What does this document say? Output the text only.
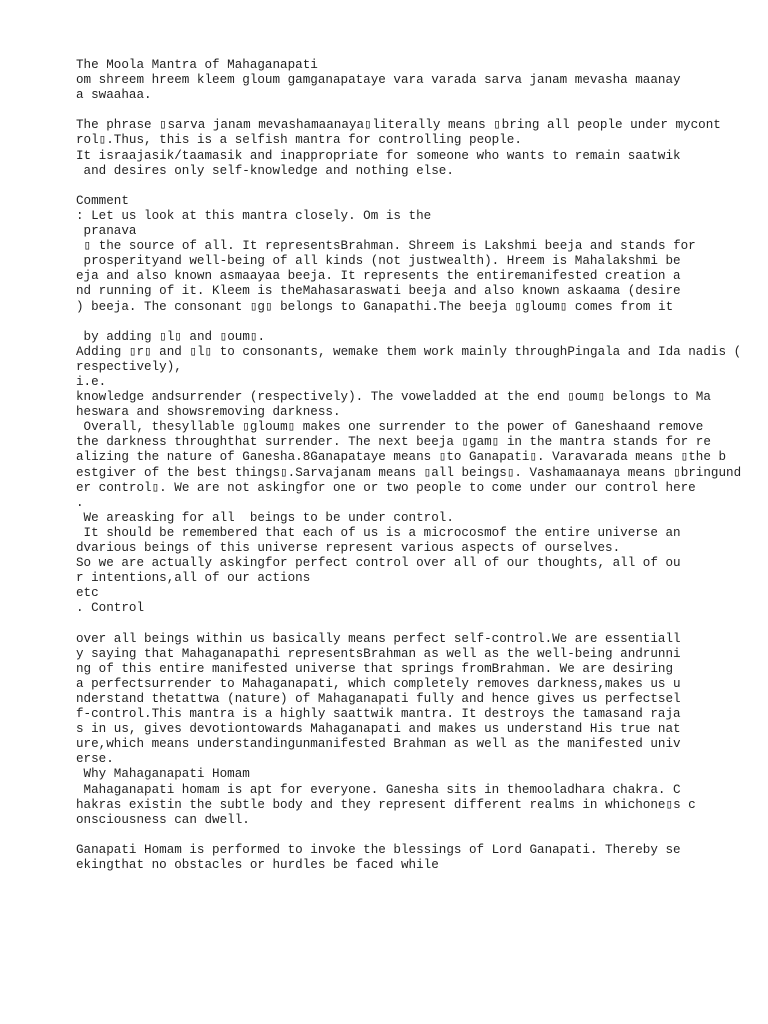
The Moola Mantra of Mahaganapati
om shreem hreem kleem gloum gamganapataye vara varada sarva janam mevasha maanay
a swaahaa.
The phrase ▯ sarva janam mevashamaanaya▯ literally means ▯ bring all people under mycont
rol▯.Thus, this is a selfish mantra for controlling people.
It israajasik/taamasik and inappropriate for someone who wants to remain saatwik
and desires only self-knowledge and nothing else.
Comment
: Let us look at this mantra closely. Om is the
pranava
▯ the source of all. It representsBrahman. Shreem is Lakshmi beeja and stands for
prosperityand well-being of all kinds (not justwealth). Hreem is Mahalakshmi be
eja and also known asmaayaa beeja. It represents the entiremanifested creation a
nd running of it. Kleem is theMahasaraswati beeja and also known askaama (desire
) beeja. The consonant ▯g▯ belongs to Ganapathi.The beeja ▯gloum▯ comes from it
by adding ▯l▯ and ▯oum▯.
Adding ▯r▯ and ▯l▯ to consonants, wemake them work mainly throughPingala and Ida nadis (
respectively),
i.e.
knowledge andsurrender (respectively). The voweladded at the end ▯oum▯ belongs to Ma
heswara and showsremoving darkness.
Overall, thesyllable ▯gloum▯ makes one surrender to the power of Ganeshaand remove
the darkness throughthat surrender. The next beeja ▯gam▯ in the mantra stands for re
alizing the nature of Ganesha.8Ganapataye means ▯to Ganapati▯. Varavarada means ▯the b
estgiver of the best things▯.Sarvajanam means ▯all beings▯. Vashamaanaya means ▯bringund
er control▯. We are not askingfor one or two people to come under our control here
.
We areasking for all  beings to be under control.
It should be remembered that each of us is a microcosmof the entire universe an
dvarious beings of this universe represent various aspects of ourselves.
So we are actually askingfor perfect control over all of our thoughts, all of ou
r intentions,all of our actions
etc
. Control
over all beings within us basically means perfect self-control.We are essentiall
y saying that Mahaganapathi representsBrahman as well as the well-being andrunni
ng of this entire manifested universe that springs fromBrahman. We are desiring
a perfectsurrender to Mahaganapati, which completely removes darkness,makes us u
nderstand thetattwa (nature) of Mahaganapati fully and hence gives us perfectsel
f-control.This mantra is a highly saattwik mantra. It destroys the tamasand raja
s in us, gives devotiontowards Mahaganapati and makes us understand His true nat
ure,which means understandingunmanifested Brahman as well as the manifested univ
erse.
Why Mahaganapati Homam
Mahaganapati homam is apt for everyone. Ganesha sits in themooladhara chakra. C
hakras existin the subtle body and they represent different realms in whichone▯s c
onsciousness can dwell.
Ganapati Homam is performed to invoke the blessings of Lord Ganapati. Thereby se
ekingthat no obstacles or hurdles be faced while
